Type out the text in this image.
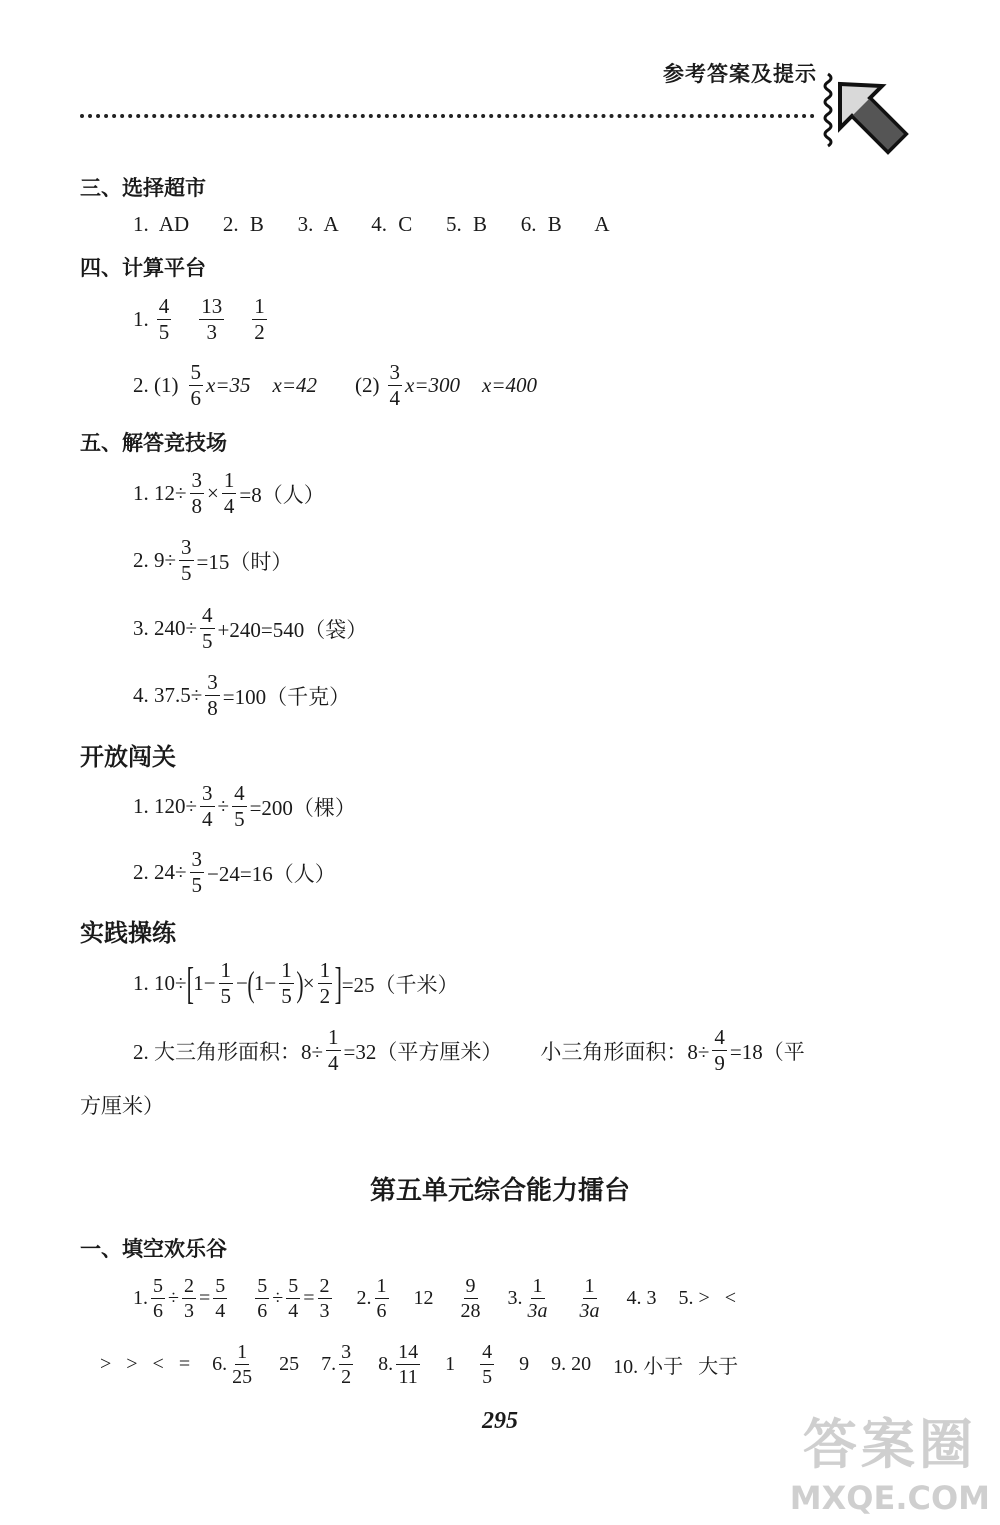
参考答案及提示
三、选择超市
1. AD   2. B   3. A   4. C   5. B   6. B   A
四、计算平台
1. $\frac{4}{5} \frac{13}{3} \frac{1}{2}$
2. $(1) \frac{5}{6} x=35$ x=42 $(2) \frac{3}{4} x=300$ x=400
五、解答竞技场
1. $12\div \frac{3}{8} \times \frac{1}{4} =8$（人）
2. $9\div \frac{3}{5} =15$（时）
3. $240\div \frac{4}{5} +240=540$（袋）
4. $37.5\div \frac{3}{8} =100$（千克）
开放闯关
1. $120\div \frac{3}{4} \div \frac{4}{5} =200$（棵）
2. $24\div \frac{3}{5} -24=16$（人）
实践操练
1. 10÷ [ $1- \frac{1}{5}$ − ( $1- \frac{1}{5}$ ) × $\frac{1}{2}$ ] =25（千米）
2. 大三角形面积：$8\div \frac{1}{4} =32$（平方厘米） 小三角形面积：$8\div \frac{4}{9} =18$（平
方厘米）
第五单元综合能力擂台
一、填空欢乐谷
1. $\frac{5}{6} \div \frac{2}{3} = \frac{5}{4} \frac{5}{6} \div \frac{5}{4} = \frac{2}{3} 2$. $\frac{1}{6} 12 \frac{9}{28} 3$. $\frac{1}{3a} \frac{1}{3a} 4$. 3 5. >   <
>   >   <   = 6. $\frac{1}{25} 25$ 7. $\frac{3}{2} 8$. $\frac{14}{11} 1 \frac{4}{5} 9$ 9. 20 10. 小于   大于
295	答案圈
MXQE.COM
